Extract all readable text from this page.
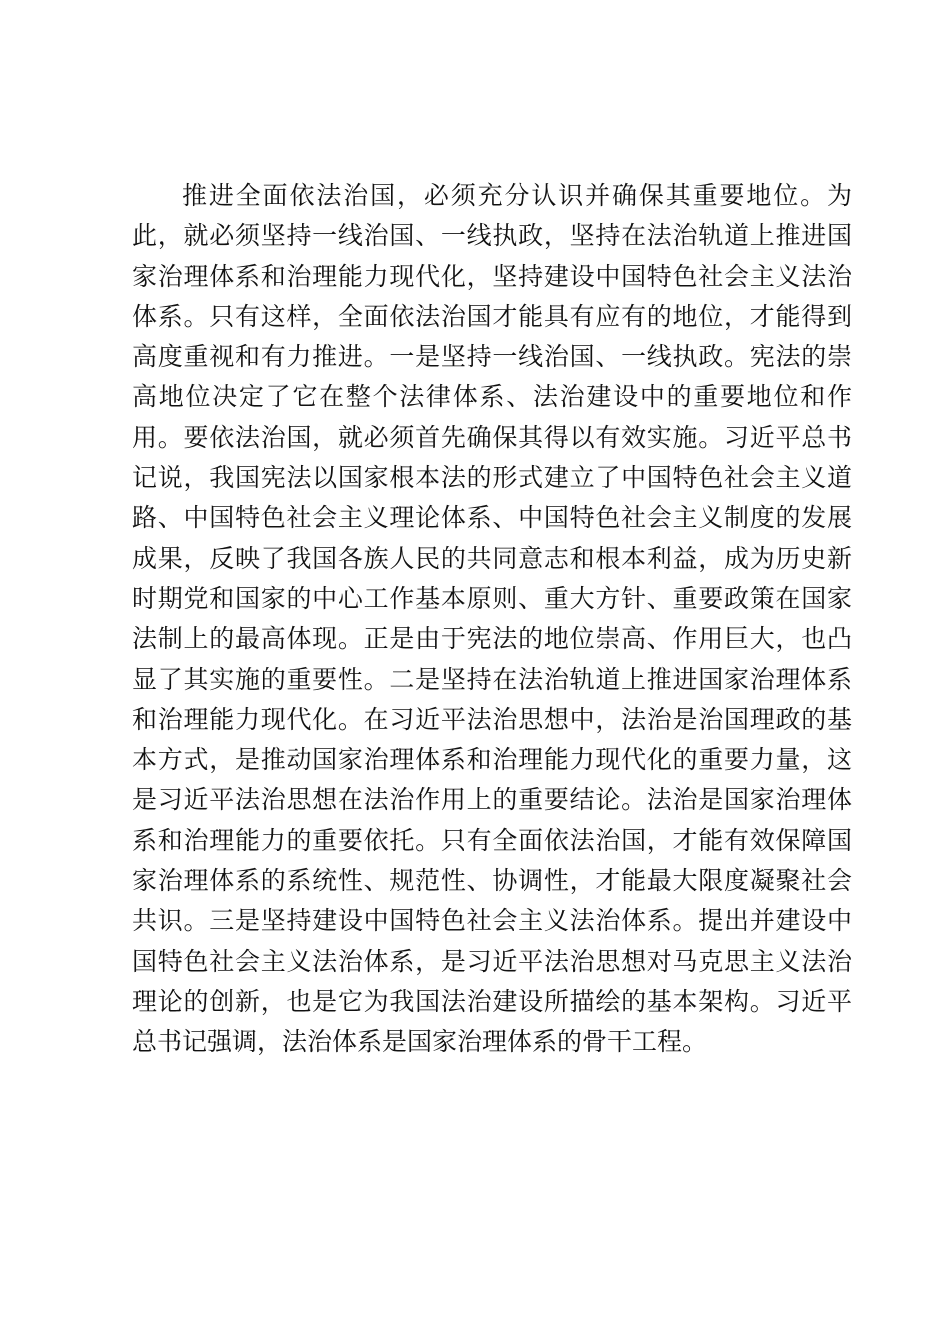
推进全面依法治国，必须充分认识并确保其重要地位。为
此，就必须坚持一线治国、一线执政，坚持在法治轨道上推进国
家治理体系和治理能力现代化，坚持建设中国特色社会主义法治
体系。只有这样，全面依法治国才能具有应有的地位，才能得到
高度重视和有力推进。一是坚持一线治国、一线执政。宪法的崇
高地位决定了它在整个法律体系、法治建设中的重要地位和作
用。要依法治国，就必须首先确保其得以有效实施。习近平总书
记说，我国宪法以国家根本法的形式建立了中国特色社会主义道
路、中国特色社会主义理论体系、中国特色社会主义制度的发展
成果，反映了我国各族人民的共同意志和根本利益，成为历史新
时期党和国家的中心工作基本原则、重大方针、重要政策在国家
法制上的最高体现。正是由于宪法的地位崇高、作用巨大，也凸
显了其实施的重要性。二是坚持在法治轨道上推进国家治理体系
和治理能力现代化。在习近平法治思想中，法治是治国理政的基
本方式，是推动国家治理体系和治理能力现代化的重要力量，这
是习近平法治思想在法治作用上的重要结论。法治是国家治理体
系和治理能力的重要依托。只有全面依法治国，才能有效保障国
家治理体系的系统性、规范性、协调性，才能最大限度凝聚社会
共识。三是坚持建设中国特色社会主义法治体系。提出并建设中
国特色社会主义法治体系，是习近平法治思想对马克思主义法治
理论的创新，也是它为我国法治建设所描绘的基本架构。习近平
总书记强调，法治体系是国家治理体系的骨干工程。
